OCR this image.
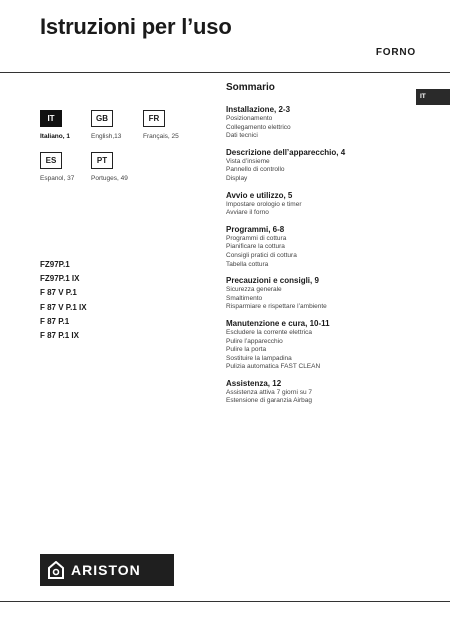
Istruzioni per l’uso
FORNO
IT
Italiano, 1
GB
English,13
FR
Français, 25
ES
Espanol, 37
PT
Portuges, 49
FZ97P.1
FZ97P.1 IX
F 87 V P.1
F 87 V P.1 IX
F 87 P.1
F 87 P.1 IX
Sommario
Installazione, 2-3
Posizionamento
Collegamento elettrico
Dati tecnici
Descrizione dell’apparecchio, 4
Vista d’insieme
Pannello di controllo
Display
Avvio e utilizzo, 5
Impostare orologio e timer
Avviare il forno
Programmi, 6-8
Programmi di cottura
Pianificare la cottura
Consigli pratici di cottura
Tabella cottura
Precauzioni e consigli, 9
Sicurezza generale
Smaltimento
Risparmiare e rispettare l’ambiente
Manutenzione e cura, 10-11
Escludere la corrente elettrica
Pulire l’apparecchio
Pulire la porta
Sostituire la lampadina
Pulizia automatica FAST CLEAN
Assistenza, 12
Assistenza attiva 7 giorni su 7
Estensione di garanzia Airbag
IT
ARISTON
